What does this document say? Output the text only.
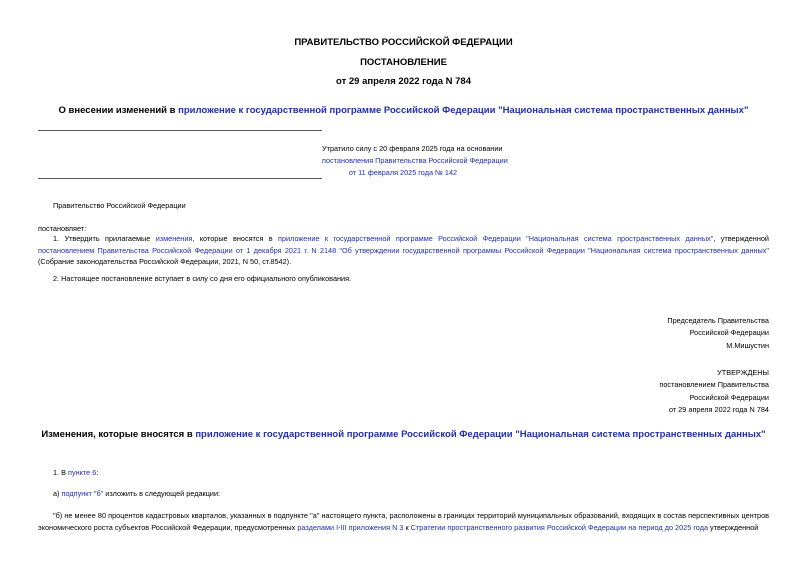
ПРАВИТЕЛЬСТВО РОССИЙСКОЙ ФЕДЕРАЦИИ
ПОСТАНОВЛЕНИЕ
от 29 апреля 2022 года N 784
О внесении изменений в приложение к государственной программе Российской Федерации "Национальная система пространственных данных"
Утратило силу с 20 февраля 2025 года на основании
постановления Правительства Российской Федерации
от 11 февраля 2025 года № 142
Правительство Российской Федерации
постановляет:
1. Утвердить прилагаемые изменения, которые вносятся в приложение к государственной программе Российской Федерации "Национальная система пространственных данных", утвержденной постановлением Правительства Российской Федерации от 1 декабря 2021 г. N 2148 "Об утверждении государственной программы Российской Федерации "Национальная система пространственных данных" (Собрание законодательства Российской Федерации, 2021, N 50, ст.8542).
2. Настоящее постановление вступает в силу со дня его официального опубликования.
Председатель Правительства
Российской Федерации
М.Мишустин
УТВЕРЖДЕНЫ
постановлением Правительства
Российской Федерации
от 29 апреля 2022 года N 784
Изменения, которые вносятся в приложение к государственной программе Российской Федерации "Национальная система пространственных данных"
1. В пункте 6:
а) подпункт "б" изложить в следующей редакции:
"б) не менее 80 процентов кадастровых кварталов, указанных в подпункте "а" настоящего пункта, расположены в границах территорий муниципальных образований, входящих в состав перспективных центров экономического роста субъектов Российской Федерации, предусмотренных разделами I-III приложения N 3 к Стратегии пространственного развития Российской Федерации на период до 2025 года утвержденной
